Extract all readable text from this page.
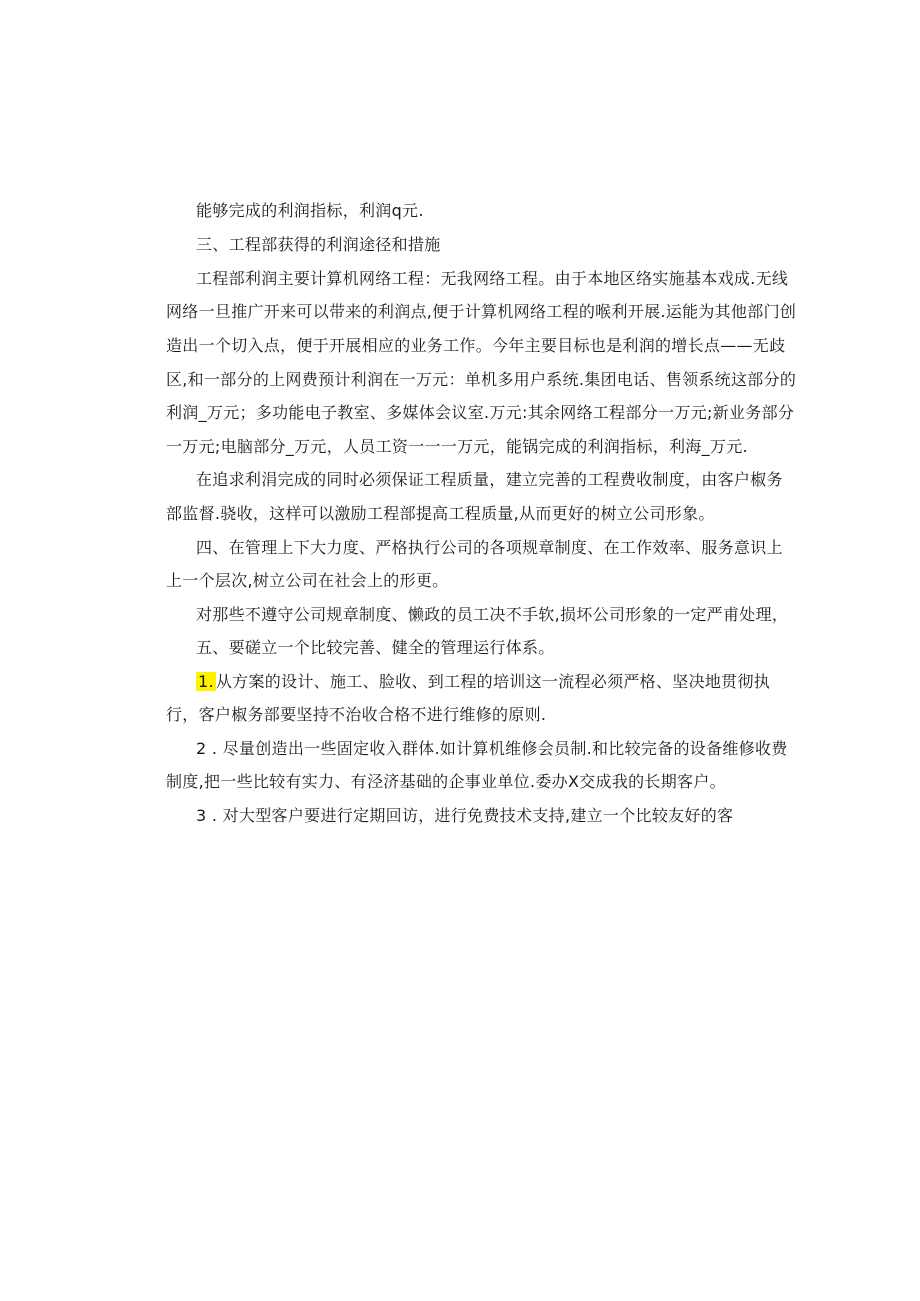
能够完成的利润指标，利润q元.
三、工程部获得的利润途径和措施
工程部利润主要计算机网络工程：无我网络工程。由于本地区络实施基本戏成.无线
网络一旦推广开来可以带来的利润点,便于计算机网络工程的喉利开展.运能为其他部门创
造出一个切入点，便于开展相应的业务工作。今年主要目标也是利润的增长点——无歧
区,和一部分的上网费预计利润在一万元：单机多用户系统.集团电话、售领系统这部分的
利润_万元；多功能电子教室、多媒体会议室.万元:其余网络工程部分一万元;新业务部分
一万元;电脑部分_万元，人员工资一一一万元，能锅完成的利润指标，利海_万元.
在追求利涓完成的同时必须保证工程质量，建立完善的工程费收制度，由客户椒务
部监督.骁收，这样可以激励工程部提高工程质量,从而更好的树立公司形象。
四、在管理上下大力度、严格执行公司的各项规章制度、在工作效率、服务意识上
上一个层次,树立公司在社会上的形更。
对那些不遵守公司规章制度、懒政的员工决不手软,损坏公司形象的一定严甫处理，
五、要磋立一个比较完善、健全的管理运行体系。
1. 从方案的设计、施工、脸收、到工程的培训这一流程必须严格、坚决地贯彻执
行，客户椒务部要坚持不治收合格不进行维修的原则.
2 . 尽量创造出一些固定收入群体.如计算机维修会员制.和比较完备的设备维修收费
制度,把一些比较有实力、有泾济基础的企事业单位.委办X交成我的长期客户。
3 . 对大型客户要进行定期回访，进行免费技术支持,建立一个比较友好的客
